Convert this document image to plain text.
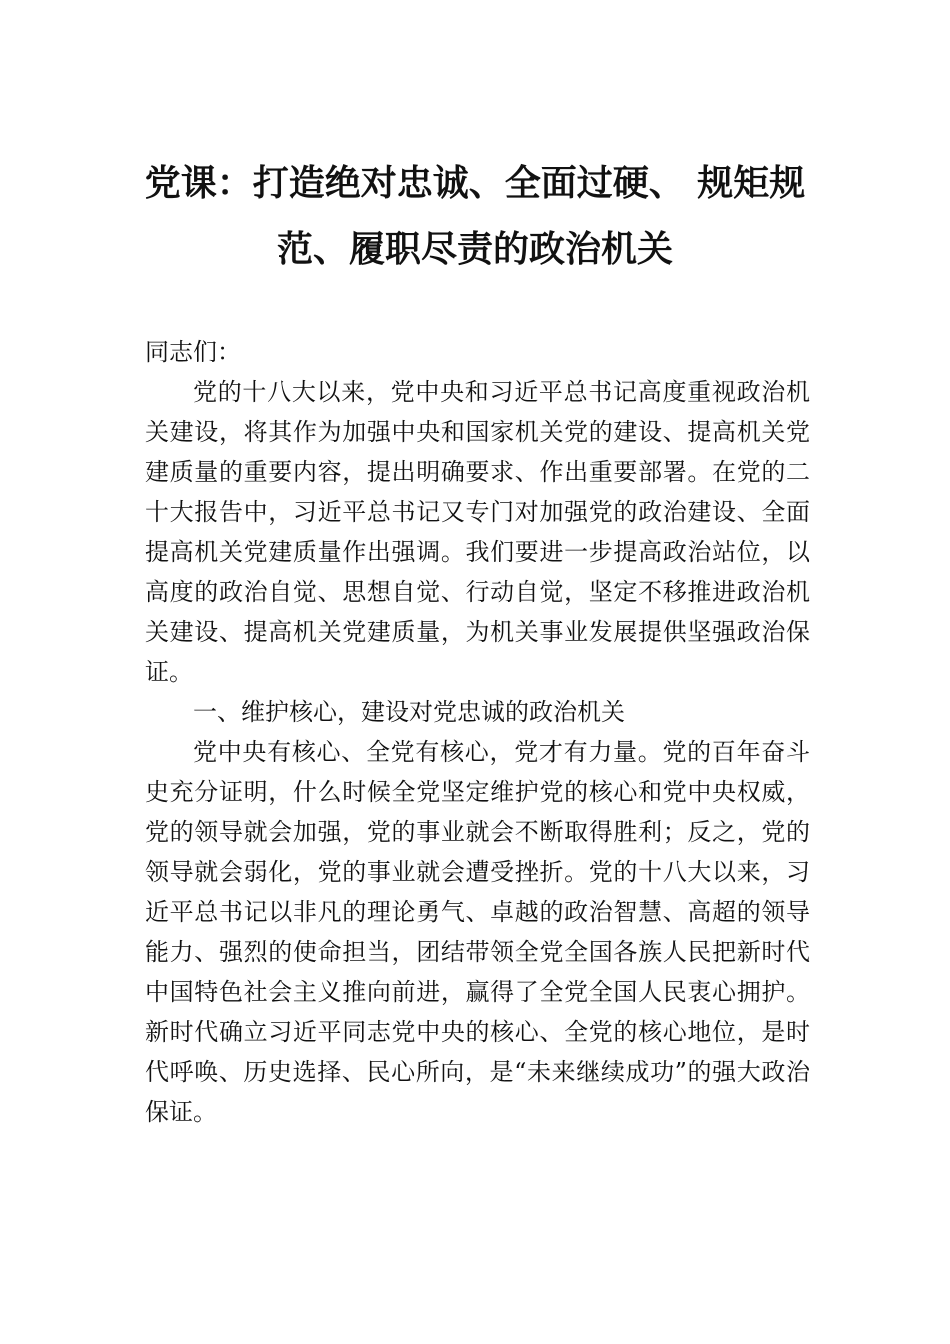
党课：打造绝对忠诚、全面过硬、 规矩规
范、履职尽责的政治机关

同志们：

党的十八大以来，党中央和习近平总书记高度重视政治机关建设，将其作为加强中央和国家机关党的建设、提高机关党建质量的重要内容，提出明确要求、作出重要部署。在党的二十大报告中，习近平总书记又专门对加强党的政治建设、全面提高机关党建质量作出强调。我们要进一步提高政治站位，以高度的政治自觉、思想自觉、行动自觉，坚定不移推进政治机关建设、提高机关党建质量，为机关事业发展提供坚强政治保证。

一、维护核心，建设对党忠诚的政治机关

党中央有核心、全党有核心，党才有力量。党的百年奋斗史充分证明，什么时候全党坚定维护党的核心和党中央权威，党的领导就会加强，党的事业就会不断取得胜利；反之，党的领导就会弱化，党的事业就会遭受挫折。党的十八大以来，习近平总书记以非凡的理论勇气、卓越的政治智慧、高超的领导能力、强烈的使命担当，团结带领全党全国各族人民把新时代中国特色社会主义推向前进，赢得了全党全国人民衷心拥护。新时代确立习近平同志党中央的核心、全党的核心地位，是时代呼唤、历史选择、民心所向，是“未来继续成功”的强大政治保证。
